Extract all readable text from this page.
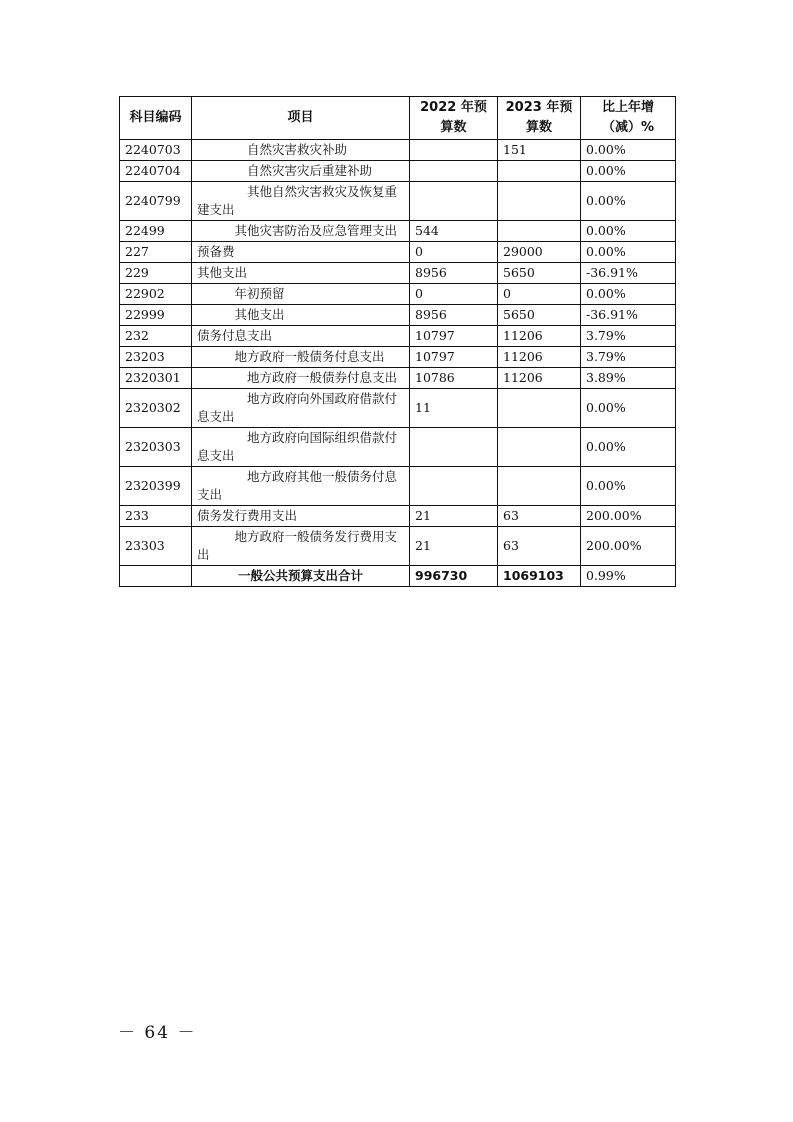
科目编码	项目	2022 年预算数	2023 年预算数	比上年增（减）%
2240703	自然灾害救灾补助		151	0.00%
2240704	自然灾害灾后重建补助			0.00%
2240799	其他自然灾害救灾及恢复重建支出			0.00%
22499	其他灾害防治及应急管理支出	544		0.00%
227	预备费	0	29000	0.00%
229	其他支出	8956	5650	-36.91%
22902	年初预留	0	0	0.00%
22999	其他支出	8956	5650	-36.91%
232	债务付息支出	10797	11206	3.79%
23203	地方政府一般债务付息支出	10797	11206	3.79%
2320301	地方政府一般债券付息支出	10786	11206	3.89%
2320302	地方政府向外国政府借款付息支出	11		0.00%
2320303	地方政府向国际组织借款付息支出			0.00%
2320399	地方政府其他一般债务付息支出			0.00%
233	债务发行费用支出	21	63	200.00%
23303	地方政府一般债务发行费用支出	21	63	200.00%
	一般公共预算支出合计	996730	1069103	0.99%
－ 64 －
